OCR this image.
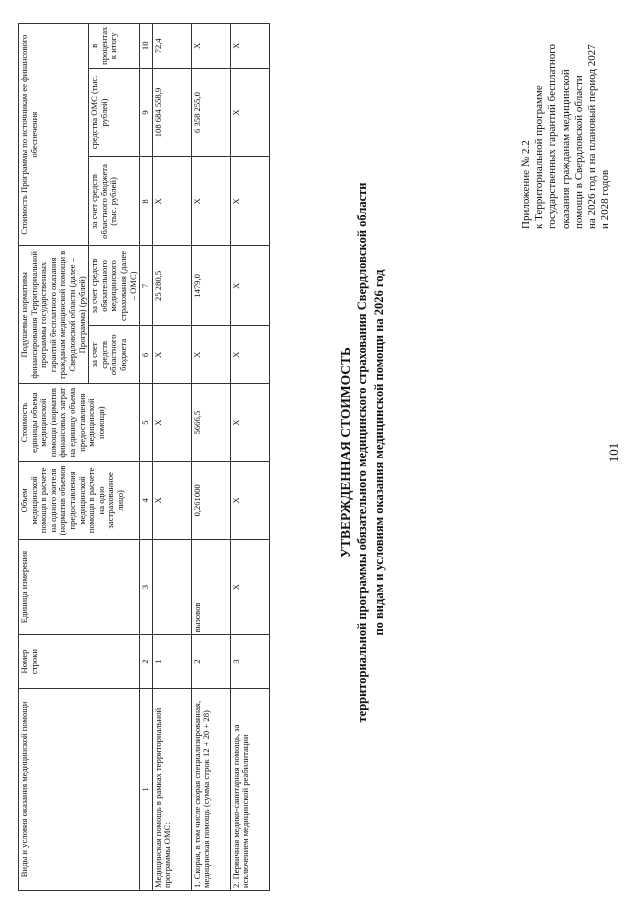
101
Приложение № 2.2 к Территориальной программе государственных гарантий бесплатного оказания гражданам медицинской помощи в Свердловской области на 2026 год и на плановый период 2027 и 2028 годов
УТВЕРЖДЕННАЯ СТОИМОСТЬ территориальной программы обязательного медицинского страхования Свердловской области по видам и условиям оказания медицинской помощи на 2026 год
Виды и условия оказания медицинской помощи	Номер строки	Единица измерения	Объем медицинской помощи в расчете на одного жителя (норматив объемов предоставления медицинской помощи в расчете на одно застрахованное лицо)	Стоимость единицы объема медицинской помощи (норматив финансовых затрат на единицу объема предоставления медицинской помощи)	Подушевые нормативы финансирования Территориальной программы государственных гарантий бесплатного оказания гражданам медицинской помощи в Свердловской области (далее – Программа) (рублей)		Стоимость Программы по источникам ее финансового обеспечения		
					за счет средств областного бюджета	за счет средств обязательного медицинского страхования (далее – ОМС)	за счет средств областного бюджета (тыс. рублей)	средства ОМС (тыс. рублей)	в процентах к итогу
1	2	3	4	5	6	7	8	9	10
Медицинская помощь в рамках территориальной программы ОМС:	1		X	X	X	25 280,5	X	108 684 558,9	72,4
1. Скорая, в том числе скорая специализированная, медицинская помощь (сумма строк 12 + 20 + 28)	2	вызовов	0,261000	5666,5	X	1479,0	X	6 358 255,0	X
2. Первичная медико-санитарная помощь, за исключением медицинской реабилитации	3	X	X	X	X	X	X	X	X
